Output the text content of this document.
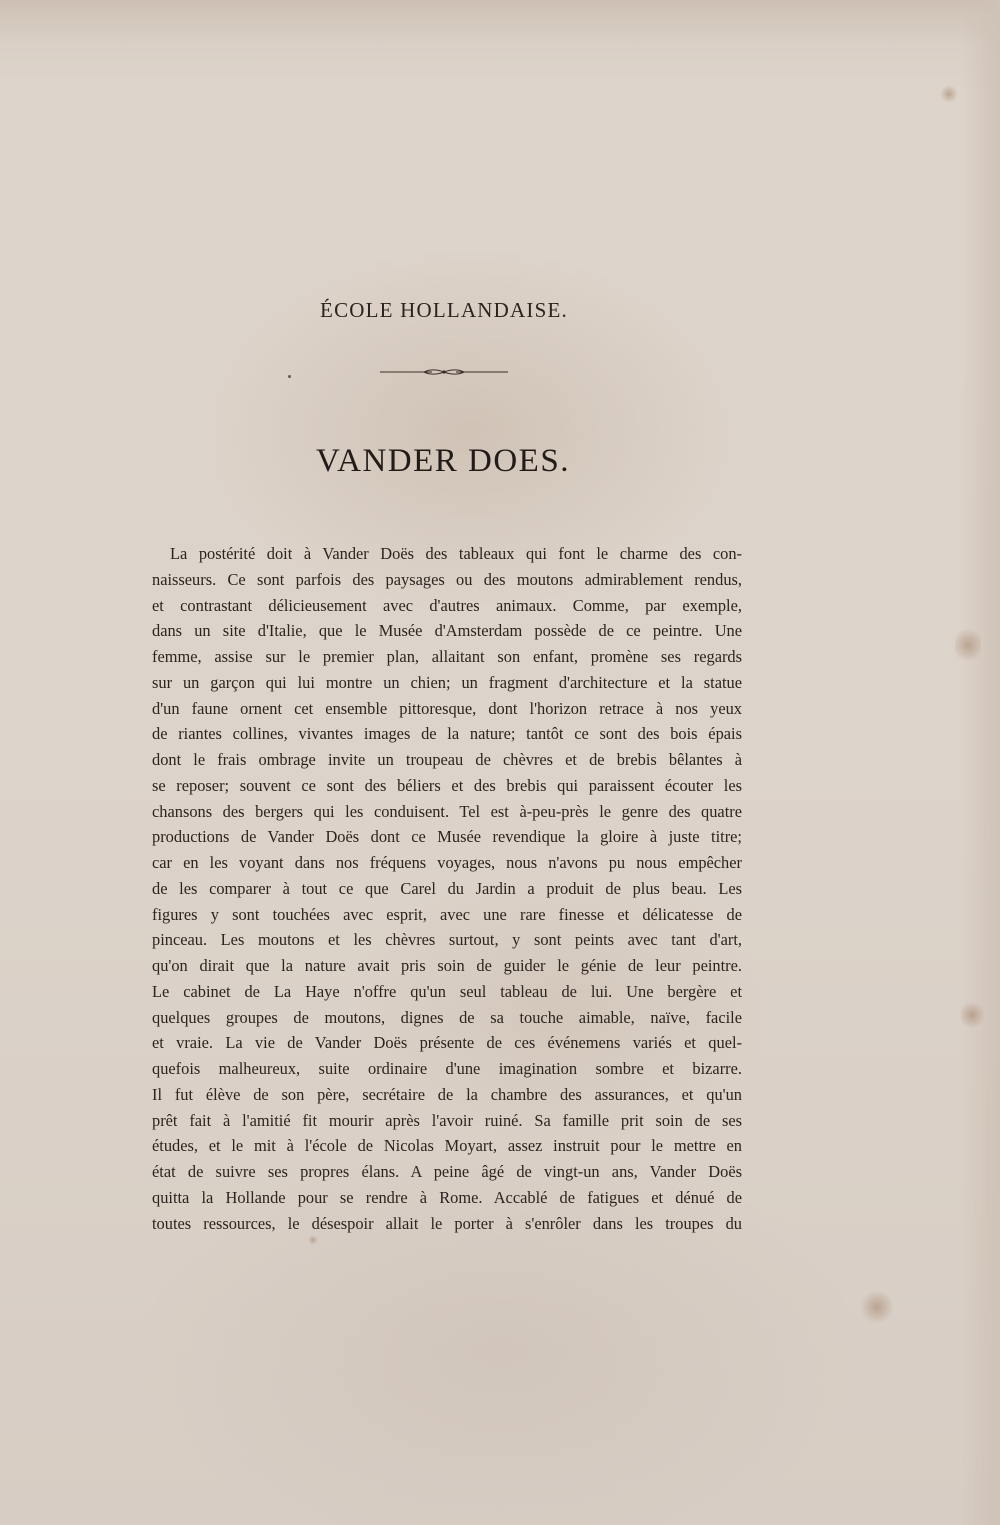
ÉCOLE HOLLANDAISE.
VANDER DOES.
La postérité doit à Vander Doës des tableaux qui font le charme des con-
naisseurs. Ce sont parfois des paysages ou des moutons admirablement rendus,
et contrastant délicieusement avec d'autres animaux. Comme, par exemple,
dans un site d'Italie, que le Musée d'Amsterdam possède de ce peintre. Une
femme, assise sur le premier plan, allaitant son enfant, promène ses regards
sur un garçon qui lui montre un chien; un fragment d'architecture et la statue
d'un faune ornent cet ensemble pittoresque, dont l'horizon retrace à nos yeux
de riantes collines, vivantes images de la nature; tantôt ce sont des bois épais
dont le frais ombrage invite un troupeau de chèvres et de brebis bêlantes à
se reposer; souvent ce sont des béliers et des brebis qui paraissent écouter les
chansons des bergers qui les conduisent. Tel est à-peu-près le genre des quatre
productions de Vander Doës dont ce Musée revendique la gloire à juste titre;
car en les voyant dans nos fréquens voyages, nous n'avons pu nous empêcher
de les comparer à tout ce que Carel du Jardin a produit de plus beau. Les
figures y sont touchées avec esprit, avec une rare finesse et délicatesse de
pinceau. Les moutons et les chèvres surtout, y sont peints avec tant d'art,
qu'on dirait que la nature avait pris soin de guider le génie de leur peintre.
Le cabinet de La Haye n'offre qu'un seul tableau de lui. Une bergère et
quelques groupes de moutons, dignes de sa touche aimable, naïve, facile
et vraie. La vie de Vander Doës présente de ces événemens variés et quel-
quefois malheureux, suite ordinaire d'une imagination sombre et bizarre.
Il fut élève de son père, secrétaire de la chambre des assurances, et qu'un
prêt fait à l'amitié fit mourir après l'avoir ruiné. Sa famille prit soin de ses
études, et le mit à l'école de Nicolas Moyart, assez instruit pour le mettre en
état de suivre ses propres élans. A peine âgé de vingt-un ans, Vander Doës
quitta la Hollande pour se rendre à Rome. Accablé de fatigues et dénué de
toutes ressources, le désespoir allait le porter à s'enrôler dans les troupes du
